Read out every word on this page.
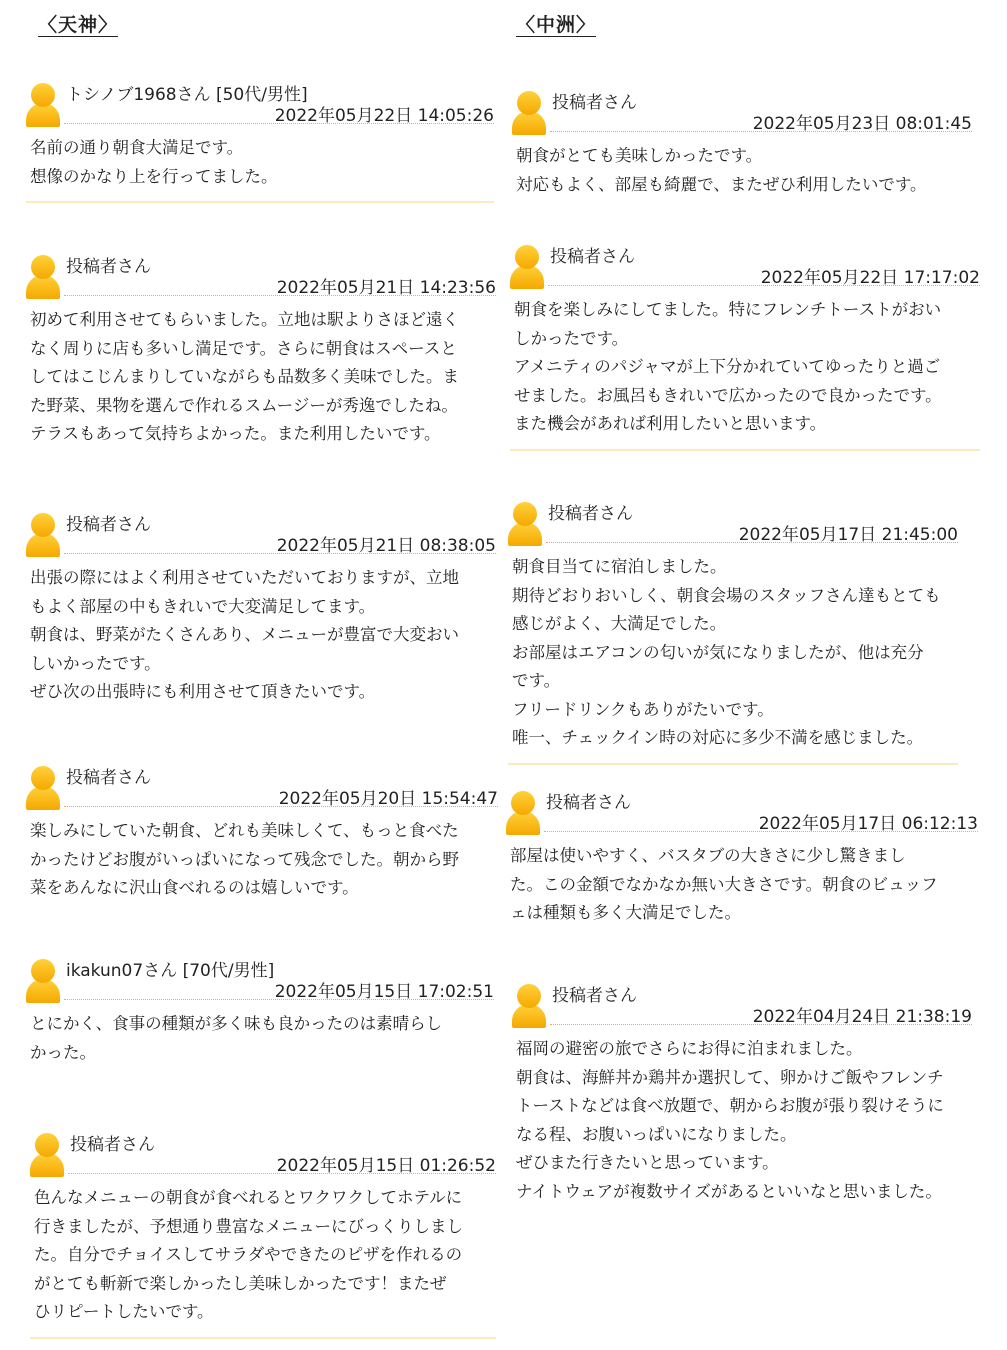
〈天神〉	〈中洲〉
トシノブ1968さん [50代/男性]
2022年05月22日 14:05:26

名前の通り朝食大満足です。

想像のかなり上を行ってました。

投稿者さん
2022年05月21日 14:23:56

初めて利用させてもらいました。立地は駅よりさほど遠く

なく周りに店も多いし満足です。さらに朝食はスペースと

してはこじんまりしていながらも品数多く美味でした。ま

た野菜、果物を選んで作れるスムージーが秀逸でしたね。

テラスもあって気持ちよかった。また利用したいです。

投稿者さん
2022年05月21日 08:38:05

出張の際にはよく利用させていただいておりますが、立地

もよく部屋の中もきれいで大変満足してます。

朝食は、野菜がたくさんあり、メニューが豊富で大変おい

しいかったです。

ぜひ次の出張時にも利用させて頂きたいです。

投稿者さん
2022年05月20日 15:54:47

楽しみにしていた朝食、どれも美味しくて、もっと食べた

かったけどお腹がいっぱいになって残念でした。朝から野

菜をあんなに沢山食べれるのは嬉しいです。

ikakun07さん [70代/男性]
2022年05月15日 17:02:51

とにかく、食事の種類が多く味も良かったのは素晴らし

かった。

投稿者さん
2022年05月15日 01:26:52

色んなメニューの朝食が食べれるとワクワクしてホテルに

行きましたが、予想通り豊富なメニューにびっくりしまし

た。自分でチョイスしてサラダやできたのピザを作れるの

がとても斬新で楽しかったし美味しかったです！またぜ

ひリピートしたいです。

投稿者さん
2022年05月23日 08:01:45

朝食がとても美味しかったです。

対応もよく、部屋も綺麗で、またぜひ利用したいです。

投稿者さん
2022年05月22日 17:17:02

朝食を楽しみにしてました。特にフレンチトーストがおい

しかったです。

アメニティのパジャマが上下分かれていてゆったりと過ご

せました。お風呂もきれいで広かったので良かったです。

また機会があれば利用したいと思います。

投稿者さん
2022年05月17日 21:45:00

朝食目当てに宿泊しました。

期待どおりおいしく、朝食会場のスタッフさん達もとても

感じがよく、大満足でした。

お部屋はエアコンの匂いが気になりましたが、他は充分

です。

フリードリンクもありがたいです。

唯一、チェックイン時の対応に多少不満を感じました。

投稿者さん
2022年05月17日 06:12:13

部屋は使いやすく、バスタブの大きさに少し驚きまし

た。この金額でなかなか無い大きさです。朝食のビュッフ

ェは種類も多く大満足でした。

投稿者さん
2022年04月24日 21:38:19

福岡の避密の旅でさらにお得に泊まれました。

朝食は、海鮮丼か鶏丼か選択して、卵かけご飯やフレンチ

トーストなどは食べ放題で、朝からお腹が張り裂けそうに

なる程、お腹いっぱいになりました。

ぜひまた行きたいと思っています。

ナイトウェアが複数サイズがあるといいなと思いました。
